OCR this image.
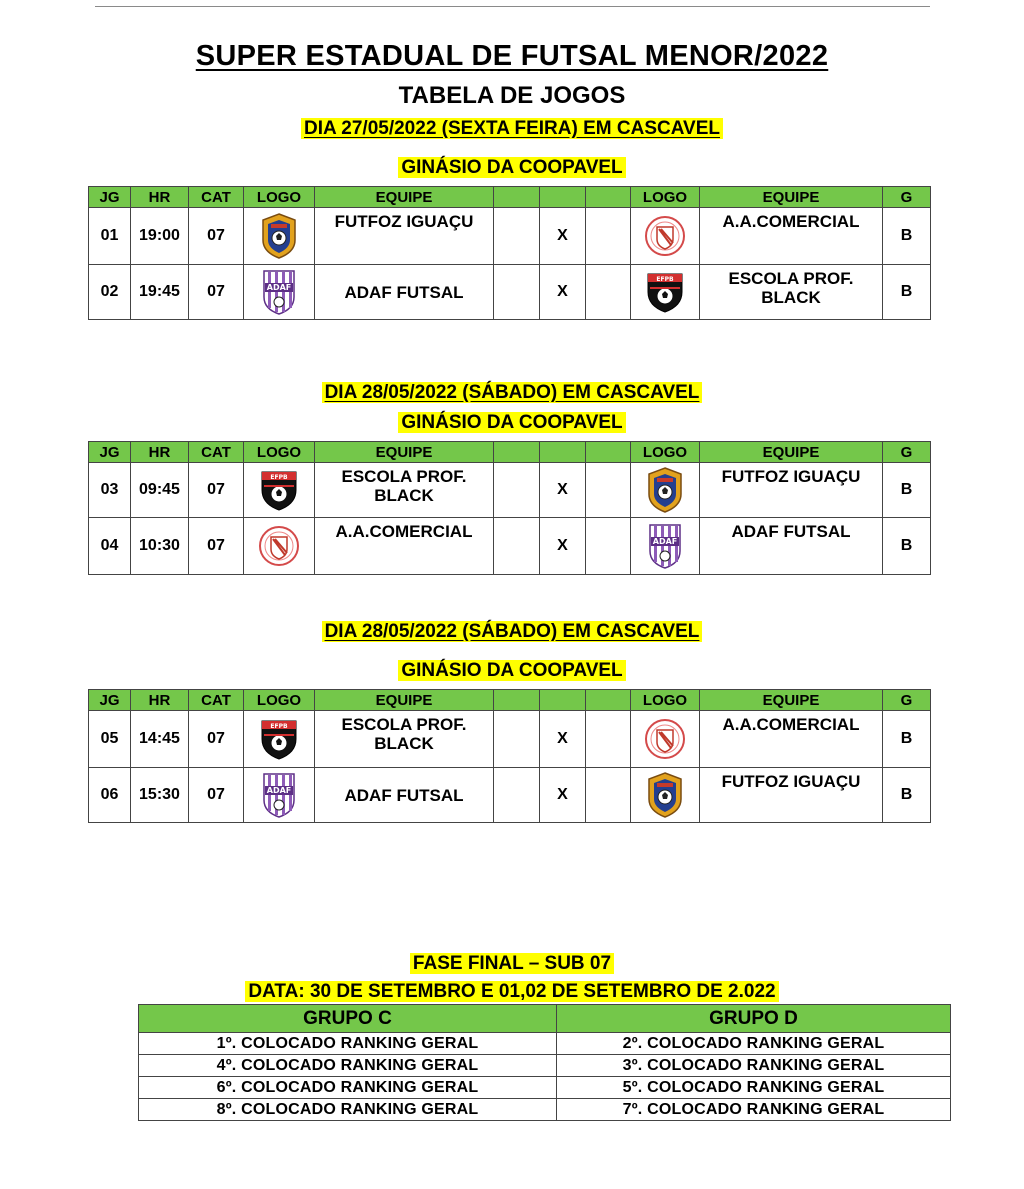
SUPER ESTADUAL DE FUTSAL MENOR/2022
TABELA DE JOGOS
DIA 27/05/2022 (SEXTA FEIRA) EM CASCAVEL
GINÁSIO DA COOPAVEL
JG	HR	CAT	LOGO	EQUIPE				LOGO	EQUIPE	G
01	19:00	07		FUTFOZ IGUAÇU		X			A.A.COMERCIAL	B
02	19:45	07	ADAF	ADAF FUTSAL		X		EFPB	ESCOLA PROF. BLACK	B
DIA 28/05/2022 (SÁBADO) EM CASCAVEL
GINÁSIO DA COOPAVEL
JG	HR	CAT	LOGO	EQUIPE				LOGO	EQUIPE	G
03	09:45	07	EFPB	ESCOLA PROF. BLACK		X			FUTFOZ IGUAÇU	B
04	10:30	07		A.A.COMERCIAL		X		ADAF	ADAF FUTSAL	B
DIA 28/05/2022 (SÁBADO) EM CASCAVEL
GINÁSIO DA COOPAVEL
JG	HR	CAT	LOGO	EQUIPE				LOGO	EQUIPE	G
05	14:45	07	EFPB	ESCOLA PROF. BLACK		X			A.A.COMERCIAL	B
06	15:30	07	ADAF	ADAF FUTSAL		X			FUTFOZ IGUAÇU	B
FASE FINAL – SUB 07
DATA: 30 DE SETEMBRO E 01,02 DE SETEMBRO DE 2.022
GRUPO C	GRUPO D
1º. COLOCADO RANKING GERAL	2º. COLOCADO RANKING GERAL
4º. COLOCADO RANKING GERAL	3º. COLOCADO RANKING GERAL
6º. COLOCADO RANKING GERAL	5º. COLOCADO RANKING GERAL
8º. COLOCADO RANKING GERAL	7º. COLOCADO RANKING GERAL
